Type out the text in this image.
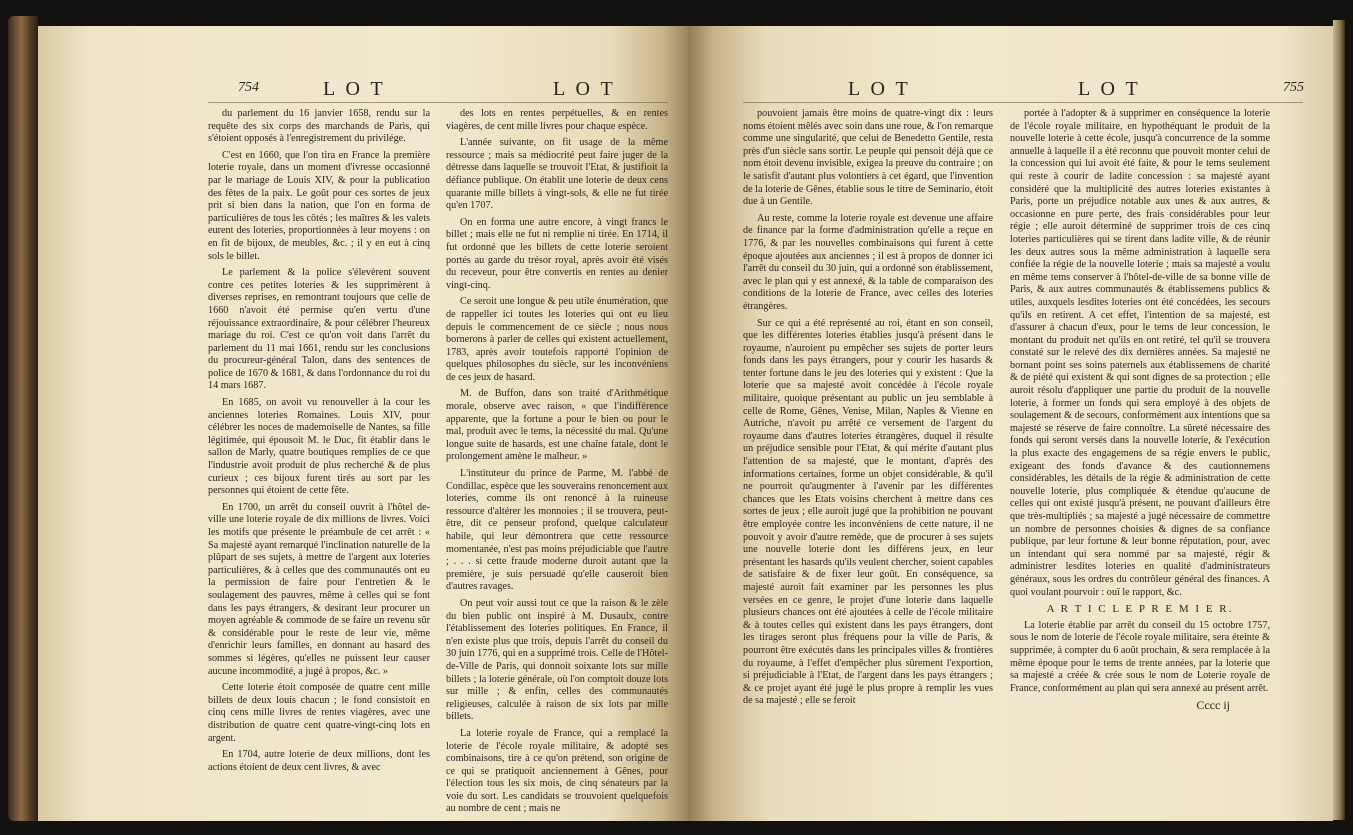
754	L O T	L O T

du parlement du 16 janvier 1658, rendu sur la requête des six corps des marchands de Paris, qui s'étoient opposés à l'enregistrement du privilége.

C'est en 1660, que l'on tira en France la première loterie royale, dans un moment d'ivresse occasionné par le mariage de Louis XIV, & pour la publication des fêtes de la paix. Le goût pour ces sortes de jeux prit si bien dans la nation, que l'on en forma de particulières de tous les côtés ; les maîtres & les valets eurent des loteries, proportionnées à leur moyens : on en fit de bijoux, de meubles, &c. ; il y en eut à cinq sols le billet.

Le parlement & la police s'élevèrent souvent contre ces petites loteries & les supprimèrent à diverses reprises, en remontrant toujours que celle de 1660 n'avoit été permise qu'en vertu d'une réjouissance extraordinaire, & pour célébrer l'heureux mariage du roi. C'est ce qu'on voit dans l'arrêt du parlement du 11 mai 1661, rendu sur les conclusions du procureur-général Talon, dans des sentences de police de 1670 & 1681, & dans l'ordonnance du roi du 14 mars 1687.

En 1685, on avoit vu renouveller à la cour les anciennes loteries Romaines. Louis XIV, pour célébrer les noces de mademoiselle de Nantes, sa fille légitimée, qui épousoit M. le Duc, fit établir dans le sallon de Marly, quatre boutiques remplies de ce que l'industrie avoit produit de plus recherché & de plus curieux ; ces bijoux furent tirés au sort par les personnes qui étoient de cette fête.

En 1700, un arrêt du conseil ouvrit à l'hôtel de-ville une loterie royale de dix millions de livres. Voici les motifs que présente le préambule de cet arrêt : « Sa majesté ayant remarqué l'inclination naturelle de la plûpart de ses sujets, à mettre de l'argent aux loteries particulières, & à celles que des communautés ont eu la permission de faire pour l'entretien & le soulagement des pauvres, même à celles qui se font dans les pays étrangers, & desirant leur procurer un moyen agréable & commode de se faire un revenu sûr & considérable pour le reste de leur vie, même d'enrichir leurs familles, en donnant au hasard des sommes si légères, qu'elles ne puissent leur causer aucune incommodité, a jugé à propos, &c. »

Cette loterie étoit composée de quatre cent mille billets de deux louis chacun ; le fond consistoit en cinq cens mille livres de rentes viagères, avec une distribution de quatre cent quatre-vingt-cinq lots en argent.

En 1704, autre loterie de deux millions, dont les actions étoient de deux cent livres, & avec

des lots en rentes perpétuelles, & en rentes viagères, de cent mille livres pour chaque espèce.

L'année suivante, on fit usage de la même ressource ; mais sa médiocrité peut faire juger de la détresse dans laquelle se trouvoit l'Etat, & justifioit la défiance publique. On établit une loterie de deux cens quarante mille billets à vingt-sols, & elle ne fut tirée qu'en 1707.

On en forma une autre encore, à vingt francs le billet ; mais elle ne fut ni remplie ni tirée. En 1714, il fut ordonné que les billets de cette loterie seroient portés au garde du trésor royal, après avoir été visés du receveur, pour être convertis en rentes au denier vingt-cinq.

Ce seroit une longue & peu utile énumération, que de rappeller ici toutes les loteries qui ont eu lieu depuis le commencement de ce siècle ; nous nous bornerons à parler de celles qui existent actuellement, 1783, après avoir toutefois rapporté l'opinion de quelques philosophes du siècle, sur les inconvéniens de ces jeux de hasard.

M. de Buffon, dans son traité d'Arithmétique morale, observe avec raison, « que l'indifférence apparente, que la fortune a pour le bien ou pour le mal, produit avec le tems, la nécessité du mal. Qu'une longue suite de hasards, est une chaîne fatale, dont le prolongement amène le malheur. »

L'instituteur du prince de Parme, M. l'abbé de Condillac, espèce que les souverains renoncement aux loteries, comme ils ont renoncé à la ruineuse ressource d'altérer les monnoies ; il se trouvera, peut-être, dit ce penseur profond, quelque calculateur habile, qui leur démontrera que cette ressource momentanée, n'est pas moins préjudiciable que l'autre ; . . . si cette fraude moderne duroit autant que la première, je suis persuadé qu'elle causeroit bien d'autres ravages.

On peut voir aussi tout ce que la raison & le zèle du bien public ont inspiré à M. Dusaulx, contre l'établissement des loteries politiques. En France, il n'en existe plus que trois, depuis l'arrêt du conseil du 30 juin 1776, qui en a supprimé trois. Celle de l'Hôtel-de-Ville de Paris, qui donnoit soixante lots sur mille billets ; la loterie générale, où l'on comptoit douze lots sur mille ; & enfin, celles des communautés religieuses, calculée à raison de six lots par mille billets.

La loterie royale de France, qui a remplacé la loterie de l'école royale militaire, & adopté ses combinaisons, tire à ce qu'on prétend, son origine de ce qui se pratiquoit anciennement à Gênes, pour l'élection tous les six mois, de cinq sénateurs par la voie du sort. Les candidats se trouvoient quelquefois au nombre de cent ; mais ne

L O T	L O T	755

pouvoient jamais être moins de quatre-vingt dix : leurs noms étoient mêlés avec soin dans une roue, & l'on remarque comme une singularité, que celui de Benedetto Gentile, resta près d'un siècle sans sortir. Le peuple qui pensoit déjà que ce nom étoit devenu invisible, exigea la preuve du contraire ; on le satisfit d'autant plus volontiers à cet égard, que l'invention de la loterie de Gênes, établie sous le titre de Seminario, étoit due à un Gentile.

Au reste, comme la loterie royale est devenue une affaire de finance par la forme d'administration qu'elle a reçue en 1776, & par les nouvelles combinaisons qui furent à cette époque ajoutées aux anciennes ; il est à propos de donner ici l'arrêt du conseil du 30 juin, qui a ordonné son établissement, avec le plan qui y est annexé, & la table de comparaison des conditions de la loterie de France, avec celles des loteries étrangères.

Sur ce qui a été représenté au roi, étant en son conseil, que les différentes loteries établies jusqu'à présent dans le royaume, n'auroient pu empêcher ses sujets de porter leurs fonds dans les pays étrangers, pour y courir les hasards & tenter fortune dans le jeu des loteries qui y existent : Que la loterie que sa majesté avoit concédée à l'école royale militaire, quoique présentant au public un jeu semblable à celle de Rome, Gênes, Venise, Milan, Naples & Vienne en Autriche, n'avoit pu arrêté ce versement de l'argent du royaume dans d'autres loteries étrangères, duquel il résulte un préjudice sensible pour l'Etat, & qui mérite d'autant plus l'attention de sa majesté, que le montant, d'après des informations certaines, forme un objet considérable, & qu'il ne pourroit qu'augmenter à l'avenir par les différentes chances que les Etats voisins cherchent à mettre dans ces sortes de jeux ; elle auroit jugé que la prohibition ne pouvant être employée contre les inconvéniens de cette nature, il ne pouvoit y avoir d'autre remède, que de procurer à ses sujets une nouvelle loterie dont les différens jeux, en leur présentant les hasards qu'ils veulent chercher, soient capables de satisfaire & de fixer leur goût. En conséquence, sa majesté auroit fait examiner par les personnes les plus versées en ce genre, le projet d'une loterie dans laquelle plusieurs chances ont été ajoutées à celle de l'école militaire & à toutes celles qui existent dans les pays étrangers, dont les tirages seront plus fréquens pour la ville de Paris, & pourront être exécutés dans les principales villes & frontières du royaume, à l'effet d'empêcher plus sûrement l'exportion, si préjudiciable à l'Etat, de l'argent dans les pays étrangers ; & ce projet ayant été jugé le plus propre à remplir les vues de sa majesté ; elle se feroit

portée à l'adopter & à supprimer en conséquence la loterie de l'école royale militaire, en hypothéquant le produit de la nouvelle loterie à cette école, jusqu'à concurrence de la somme annuelle à laquelle il a été reconnu que pouvoit monter celui de la concession qui lui avoit été faite, & pour le tems seulement qui reste à courir de ladite concession : sa majesté ayant considéré que la multiplicité des autres loteries existantes à Paris, porte un préjudice notable aux unes & aux autres, & occasionne en pure perte, des frais considérables pour leur régie ; elle auroit déterminé de supprimer trois de ces cinq loteries particulières qui se tirent dans ladite ville, & de réunir les deux autres sous la même administration à laquelle sera confiée la régie de la nouvelle loterie ; mais sa majesté a voulu en même tems conserver à l'hôtel-de-ville de sa bonne ville de Paris, & aux autres communautés & établissemens publics & utiles, auxquels lesdites loteries ont été concédées, les secours qu'ils en retirent. A cet effet, l'intention de sa majesté, est d'assurer à chacun d'eux, pour le tems de leur concession, le montant du produit net qu'ils en ont retiré, tel qu'il se trouvera constaté sur le relevé des dix dernières années. Sa majesté ne bornant point ses soins paternels aux établissemens de charité & de piété qui existent & qui sont dignes de sa protection ; elle auroit résolu d'appliquer une partie du produit de la nouvelle loterie, à former un fonds qui sera employé à des objets de soulagement & de secours, conformément aux intentions que sa majesté se réserve de faire connoître. La sûreté nécessaire des fonds qui seront versés dans la nouvelle loterie, & l'exécution la plus exacte des engagemens de sa régie envers le public, exigeant des fonds d'avance & des cautionnemens considérables, les détails de la régie & administration de cette nouvelle loterie, plus compliquée & étendue qu'aucune de celles qui ont existé jusqu'à présent, ne pouvant d'ailleurs être que très-multipliés ; sa majesté a jugé nécessaire de commettre un nombre de personnes choisies & dignes de sa confiance publique, par leur fortune & leur bonne réputation, pour, avec un intendant qui sera nommé par sa majesté, régir & administrer lesdites loteries en qualité d'administrateurs généraux, sous les ordres du contrôleur général des finances. A quoi voulant pourvoir : ouï le rapport, &c.

A R T I C L E P R E M I E R.

La loterie établie par arrêt du conseil du 15 octobre 1757, sous le nom de loterie de l'école royale militaire, sera éteinte & supprimée, à compter du 6 août prochain, & sera remplacée à la même époque pour le tems de trente années, par la loterie que sa majesté a créée & crée sous le nom de Loterie royale de France, conformément au plan qui sera annexé au présent arrêt.

Cccc ij
